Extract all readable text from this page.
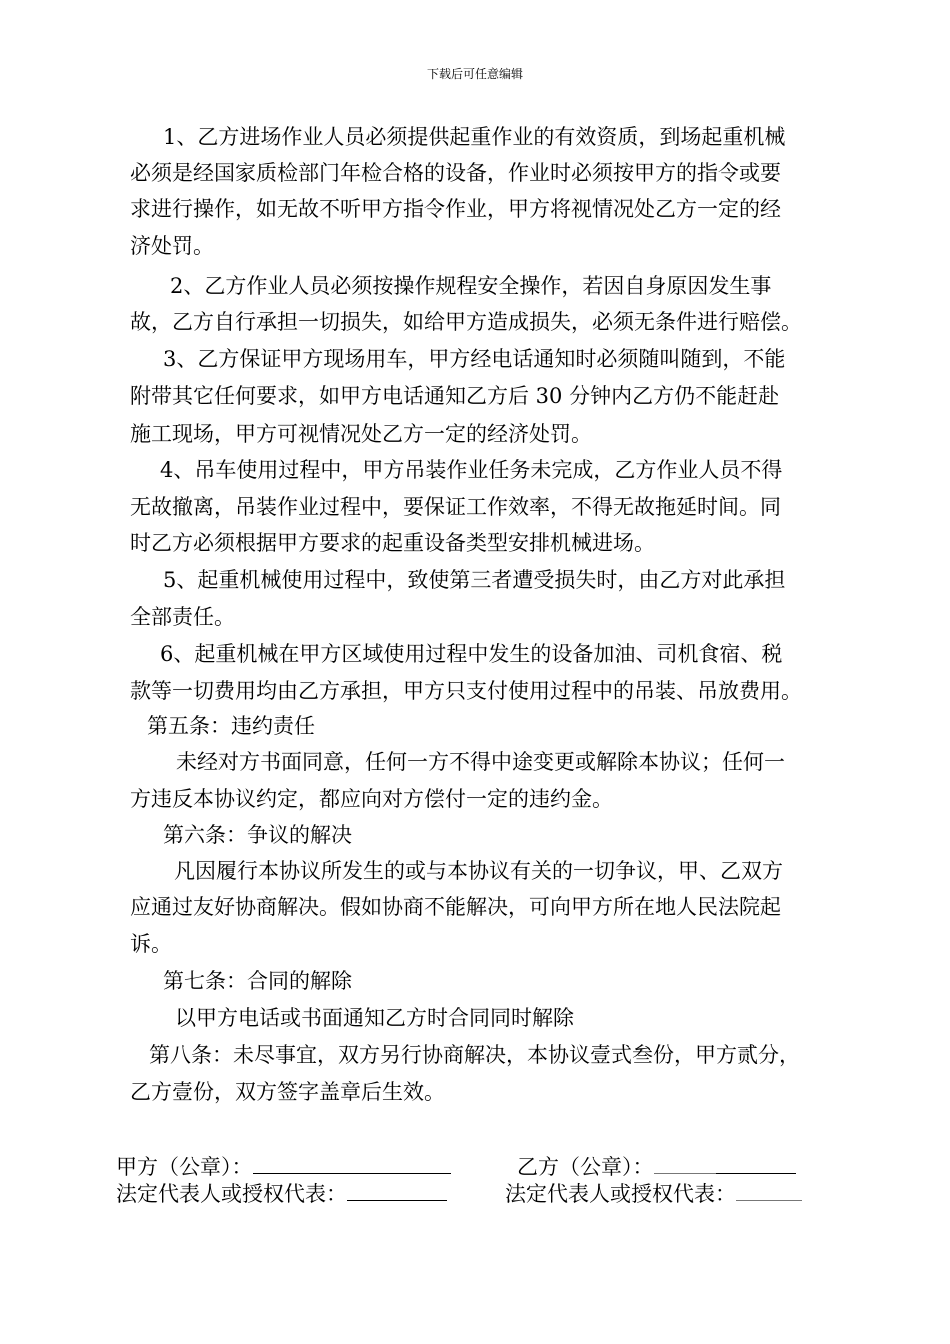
下载后可任意编辑
1、乙方进场作业人员必须提供起重作业的有效资质，到场起重机械
必须是经国家质检部门年检合格的设备，作业时必须按甲方的指令或要
求进行操作，如无故不听甲方指令作业，甲方将视情况处乙方一定的经
济处罚。
2、乙方作业人员必须按操作规程安全操作，若因自身原因发生事
故，乙方自行承担一切损失，如给甲方造成损失，必须无条件进行赔偿。
3、乙方保证甲方现场用车，甲方经电话通知时必须随叫随到，不能
附带其它任何要求，如甲方电话通知乙方后 30 分钟内乙方仍不能赶赴
施工现场，甲方可视情况处乙方一定的经济处罚。
4、吊车使用过程中，甲方吊装作业任务未完成，乙方作业人员不得
无故撤离，吊装作业过程中，要保证工作效率，不得无故拖延时间。同
时乙方必须根据甲方要求的起重设备类型安排机械进场。
5、起重机械使用过程中，致使第三者遭受损失时，由乙方对此承担
全部责任。
6、起重机械在甲方区域使用过程中发生的设备加油、司机食宿、税
款等一切费用均由乙方承担，甲方只支付使用过程中的吊装、吊放费用。
第五条：违约责任
未经对方书面同意，任何一方不得中途变更或解除本协议；任何一
方违反本协议约定，都应向对方偿付一定的违约金。
第六条：争议的解决
凡因履行本协议所发生的或与本协议有关的一切争议，甲、乙双方
应通过友好协商解决。假如协商不能解决，可向甲方所在地人民法院起
诉。
第七条：合同的解除
以甲方电话或书面通知乙方时合同同时解除
第八条：未尽事宜，双方另行协商解决，本协议壹式叁份，甲方贰分，
乙方壹份，双方签字盖章后生效。
甲方（公章）：	乙方（公章）：
法定代表人或授权代表：	法定代表人或授权代表：
